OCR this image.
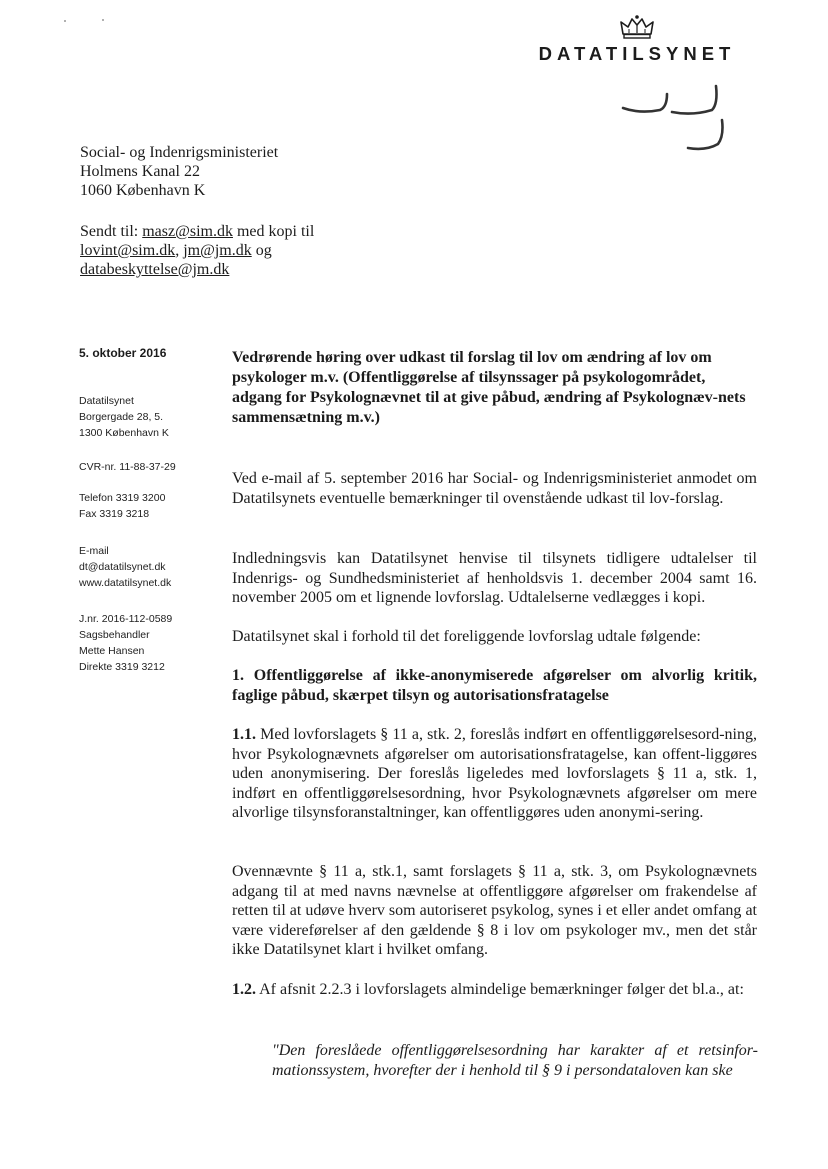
DATATILSYNET
Social- og Indenrigsministeriet
Holmens Kanal 22
1060 København K
Sendt til: masz@sim.dk med kopi til
lovint@sim.dk, jm@jm.dk og
databeskyttelse@jm.dk
5. oktober 2016
Datatilsynet
Borgergade 28, 5.
1300 København K
CVR-nr. 11-88-37-29
Telefon 3319 3200
Fax 3319 3218
E-mail
dt@datatilsynet.dk
www.datatilsynet.dk
J.nr. 2016-112-0589
Sagsbehandler
Mette Hansen
Direkte 3319 3212
Vedrørende høring over udkast til forslag til lov om ændring af lov om psykologer m.v. (Offentliggørelse af tilsynssager på psykologområdet, adgang for Psykolognævnet til at give påbud, ændring af Psykolognæv-nets sammensætning m.v.)
Ved e-mail af 5. september 2016 har Social- og Indenrigsministeriet anmodet om Datatilsynets eventuelle bemærkninger til ovenstående udkast til lov-forslag.
Indledningsvis kan Datatilsynet henvise til tilsynets tidligere udtalelser til Indenrigs- og Sundhedsministeriet af henholdsvis 1. december 2004 samt 16. november 2005 om et lignende lovforslag. Udtalelserne vedlægges i kopi.
Datatilsynet skal i forhold til det foreliggende lovforslag udtale følgende:
1. Offentliggørelse af ikke-anonymiserede afgørelser om alvorlig kritik, faglige påbud, skærpet tilsyn og autorisationsfratagelse
1.1. Med lovforslagets § 11 a, stk. 2, foreslås indført en offentliggørelsesord-ning, hvor Psykolognævnets afgørelser om autorisationsfratagelse, kan offent-liggøres uden anonymisering. Der foreslås ligeledes med lovforslagets § 11 a, stk. 1, indført en offentliggørelsesordning, hvor Psykolognævnets afgørelser om mere alvorlige tilsynsforanstaltninger, kan offentliggøres uden anonymi-sering.
Ovennævnte § 11 a, stk.1, samt forslagets § 11 a, stk. 3, om Psykolognævnets adgang til at med navns nævnelse at offentliggøre afgørelser om frakendelse af retten til at udøve hverv som autoriseret psykolog, synes i et eller andet omfang at være videreførelser af den gældende § 8 i lov om psykologer mv., men det står ikke Datatilsynet klart i hvilket omfang.
1.2. Af afsnit 2.2.3 i lovforslagets almindelige bemærkninger følger det bl.a., at:
"Den foreslåede offentliggørelsesordning har karakter af et retsinfor-mationssystem, hvorefter der i henhold til § 9 i persondataloven kan ske
